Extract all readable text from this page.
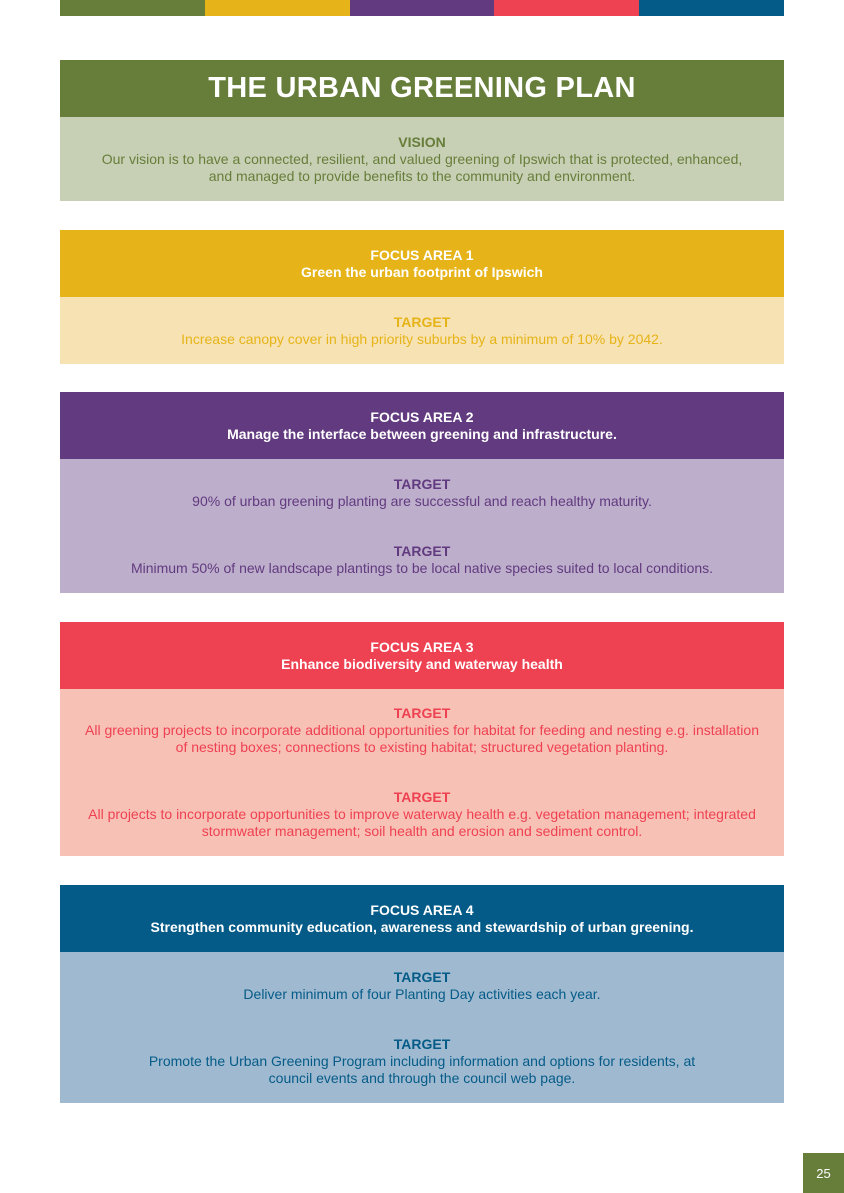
THE URBAN GREENING PLAN
VISION
Our vision is to have a connected, resilient, and valued greening of Ipswich that is protected, enhanced, and managed to provide benefits to the community and environment.
FOCUS AREA 1
Green the urban footprint of Ipswich
TARGET
Increase canopy cover in high priority suburbs by a minimum of 10% by 2042.
FOCUS AREA 2
Manage the interface between greening and infrastructure.
TARGET
90% of urban greening planting are successful and reach healthy maturity.
TARGET
Minimum 50% of new landscape plantings to be local native species suited to local conditions.
FOCUS AREA 3
Enhance biodiversity and waterway health
TARGET
All greening projects to incorporate additional opportunities for habitat for feeding and nesting e.g. installation of nesting boxes; connections to existing habitat; structured vegetation planting.
TARGET
All projects to incorporate opportunities to improve waterway health e.g. vegetation management; integrated stormwater management; soil health and erosion and sediment control.
FOCUS AREA 4
Strengthen community education, awareness and stewardship of urban greening.
TARGET
Deliver minimum of four Planting Day activities each year.
TARGET
Promote the Urban Greening Program including information and options for residents, at council events and through the council web page.
25
